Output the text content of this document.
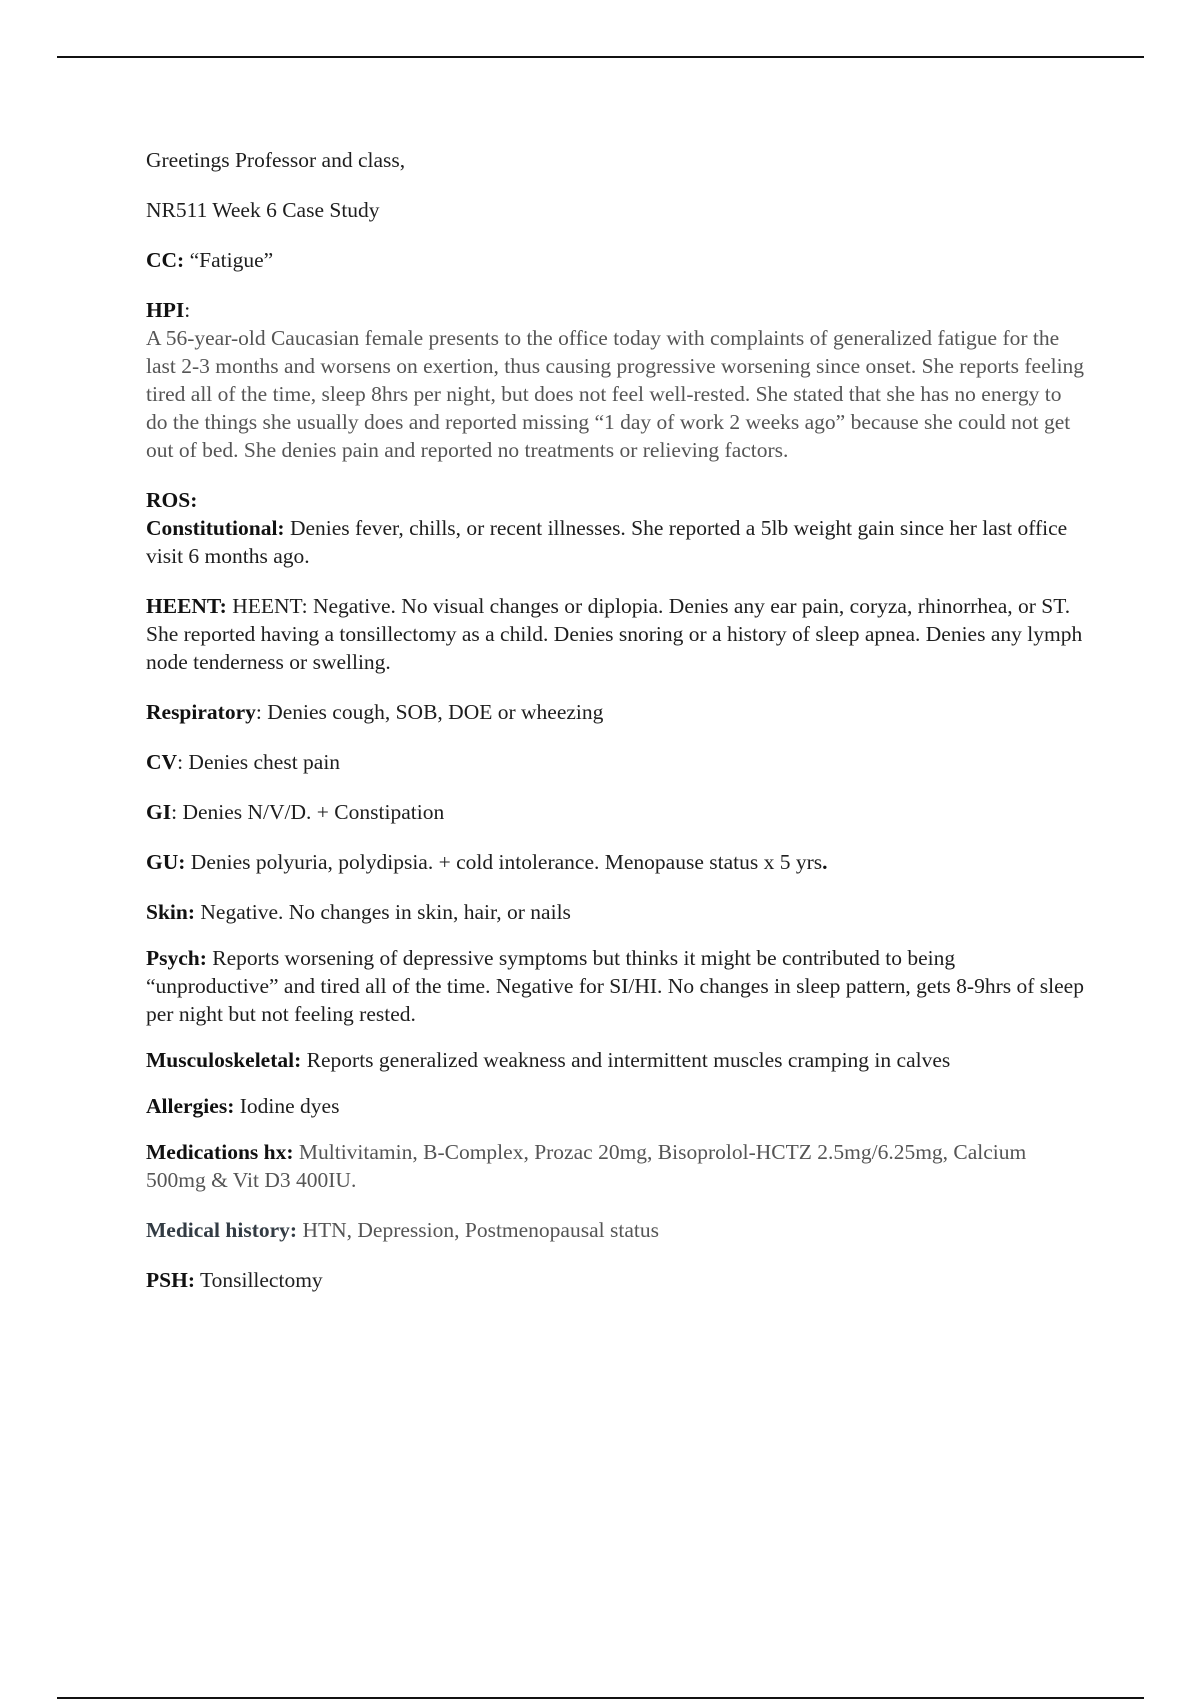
Greetings Professor and class,

NR511 Week 6 Case Study

CC: “Fatigue”

HPI:

A 56-year-old Caucasian female presents to the office today with complaints of generalized fatigue for the last 2-3 months and worsens on exertion, thus causing progressive worsening since onset. She reports feeling tired all of the time, sleep 8hrs per night, but does not feel well-rested. She stated that she has no energy to do the things she usually does and reported missing “1 day of work 2 weeks ago” because she could not get out of bed. She denies pain and reported no treatments or relieving factors.

ROS:

Constitutional: Denies fever, chills, or recent illnesses. She reported a 5lb weight gain since her last office visit 6 months ago.

HEENT: HEENT: Negative. No visual changes or diplopia. Denies any ear pain, coryza, rhinorrhea, or ST. She reported having a tonsillectomy as a child. Denies snoring or a history of sleep apnea. Denies any lymph node tenderness or swelling.

Respiratory: Denies cough, SOB, DOE or wheezing

CV: Denies chest pain

GI: Denies N/V/D. + Constipation

GU: Denies polyuria, polydipsia. + cold intolerance. Menopause status x 5 yrs.

Skin: Negative. No changes in skin, hair, or nails

Psych: Reports worsening of depressive symptoms but thinks it might be contributed to being “unproductive” and tired all of the time. Negative for SI/HI. No changes in sleep pattern, gets 8-9hrs of sleep per night but not feeling rested.

Musculoskeletal: Reports generalized weakness and intermittent muscles cramping in calves

Allergies: Iodine dyes

Medications hx: Multivitamin, B-Complex, Prozac 20mg, Bisoprolol-HCTZ 2.5mg/6.25mg, Calcium 500mg & Vit D3 400IU.

Medical history: HTN, Depression, Postmenopausal status

PSH: Tonsillectomy
